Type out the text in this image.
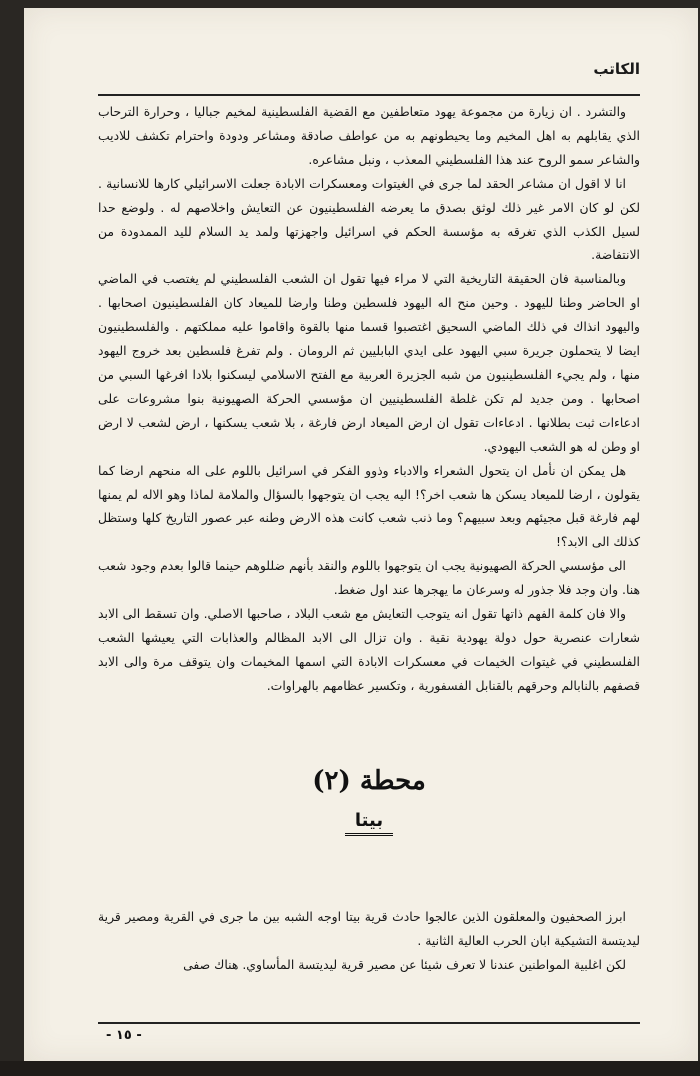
الكاتب

والتشرد . ان زيارة من مجموعة يهود متعاطفين مع القضية الفلسطينية لمخيم جباليا ، وحرارة الترحاب الذي يقابلهم به اهل المخيم وما يحيطونهم به من عواطف صادقة ومشاعر ودودة واحترام تكشف للاديب والشاعر سمو الروح عند هذا الفلسطيني المعذب ، ونبل مشاعره.

انا لا اقول ان مشاعر الحقد لما جرى في الغيتوات ومعسكرات الابادة جعلت الاسرائيلي كارها للانسانية . لكن لو كان الامر غير ذلك لوثق بصدق ما يعرضه الفلسطينيون عن التعايش واخلاصهم له . ولوضع حدا لسيل الكذب الذي تغرقه به مؤسسة الحكم في اسرائيل واجهزتها ولمد يد السلام لليد الممدودة من الانتفاضة.

وبالمناسبة فان الحقيقة التاريخية التي لا مراء فيها تقول ان الشعب الفلسطيني لم يغتصب في الماضي او الحاضر وطنا لليهود . وحين منح اله اليهود فلسطين وطنا وارضا للميعاد كان الفلسطينيون اصحابها . واليهود انذاك في ذلك الماضي السحيق اغتصبوا قسما منها بالقوة واقاموا عليه مملكتهم . والفلسطينيون ايضا لا يتحملون جريرة سبي اليهود على ايدي البابليين ثم الرومان . ولم تفرغ فلسطين بعد خروج اليهود منها ، ولم يجيء الفلسطينيون من شبه الجزيرة العربية مع الفتح الاسلامي ليسكنوا بلادا افرغها السبي من اصحابها . ومن جديد لم تكن غلطة الفلسطينيين ان مؤسسي الحركة الصهيونية بنوا مشروعات على ادعاءات ثبت بطلانها . ادعاءات تقول ان ارض الميعاد ارض فارغة ، بلا شعب يسكنها ، ارض لشعب لا ارض او وطن له هو الشعب اليهودي.

هل يمكن ان نأمل ان يتحول الشعراء والادباء وذوو الفكر في اسرائيل باللوم على اله منحهم ارضا كما يقولون ، ارضا للميعاد يسكن ها شعب اخر؟! اليه يجب ان يتوجهوا بالسؤال والملامة لماذا وهو الاله لم يمنها لهم فارغة قبل مجيئهم وبعد سبيهم؟ وما ذنب شعب كانت هذه الارض وطنه عبر عصور التاريخ كلها وستظل كذلك الى الابد؟!

الى مؤسسي الحركة الصهيونية يجب ان يتوجهوا باللوم والنقد بأنهم ضللوهم حينما قالوا بعدم وجود شعب هنا. وان وجد فلا جذور له وسرعان ما يهجرها عند اول ضغط.

والا فان كلمة الفهم ذاتها تقول انه يتوجب التعايش مع شعب البلاد ، صاحبها الاصلي. وان تسقط الى الابد شعارات عنصرية حول دولة يهودية نقية . وان تزال الى الابد المظالم والعذابات التي يعيشها الشعب الفلسطيني في غيتوات الخيمات في معسكرات الابادة التي اسمها المخيمات وان يتوقف مرة والى الابد قصفهم بالنابالم وحرقهم بالقنابل الفسفورية ، وتكسير عظامهم بالهراوات.

محطة (٢)
بيتا

ابرز الصحفيون والمعلقون الذين عالجوا حادث قرية بيتا اوجه الشبه بين ما جرى في القرية ومصير قرية ليديتسة التشيكية ابان الحرب العالية الثانية .

لكن اغلبية المواطنين عندنا لا تعرف شيئا عن مصير قرية ليديتسة المأساوي. هناك صفى

- ١٥ -
